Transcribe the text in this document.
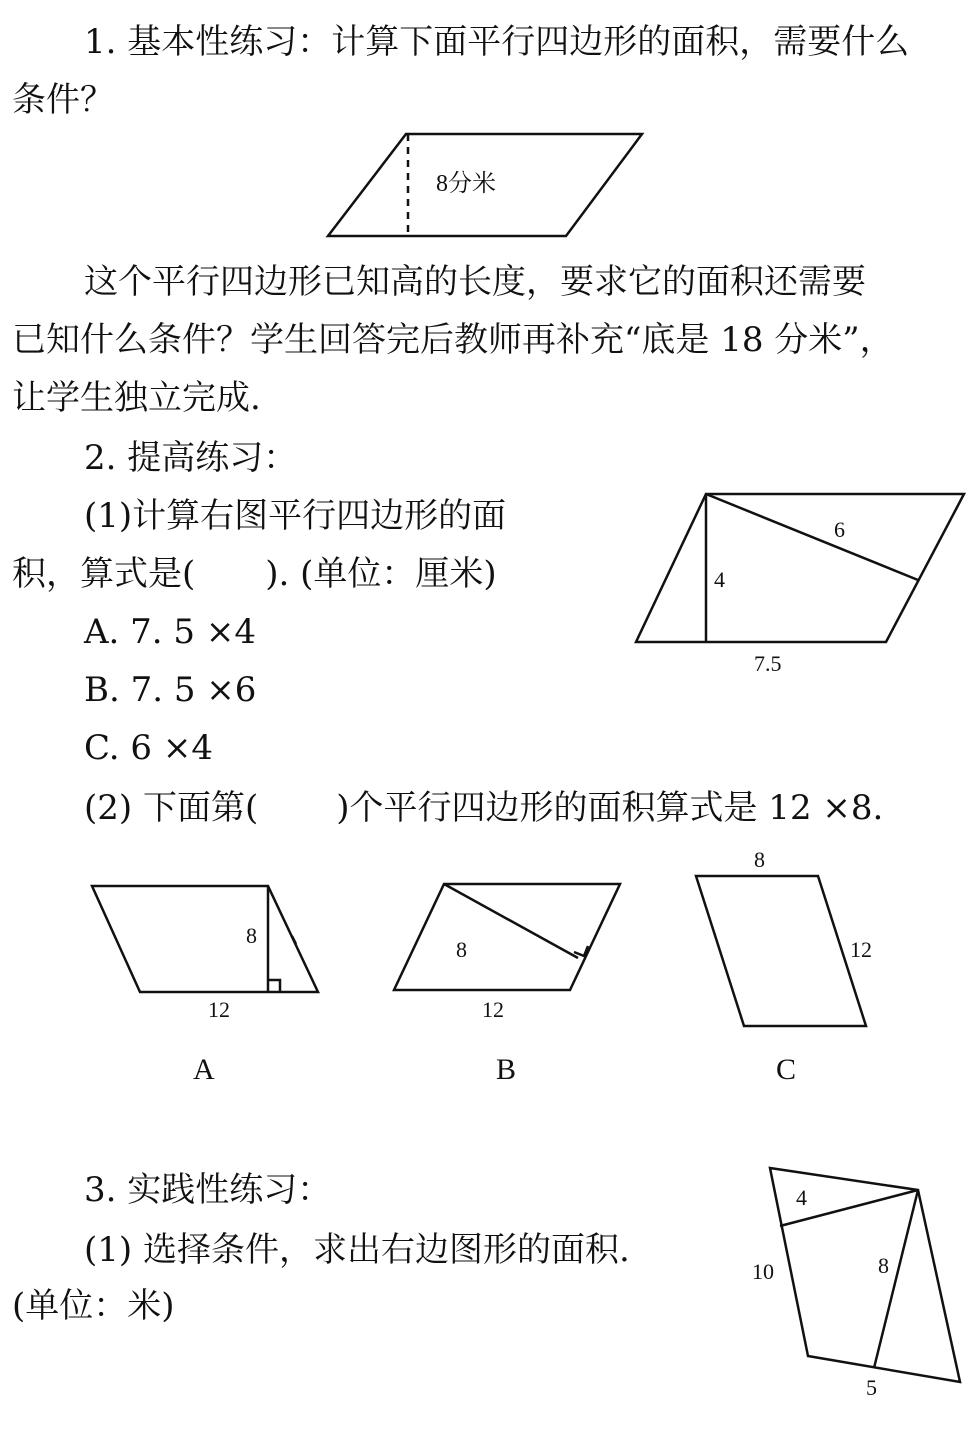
1. 基本性练习：计算下面平行四边形的面积，需要什么
条件？
8分米
这个平行四边形已知高的长度，要求它的面积还需要
已知什么条件？学生回答完后教师再补充“底是 18 分米”，
让学生独立完成.
2. 提高练习：
(1)计算右图平行四边形的面
积，算式是( ). (单位：厘米)
A. 7. 5 ×4
B. 7. 5 ×6
C. 6 ×4
4
6
7.5
(2) 下面第( )个平行四边形的面积算式是 12 ×8.
8
12
A
8
12
B
8
12
C
3. 实践性练习：
(1) 选择条件，求出右边图形的面积.
(单位：米)
4
10	8
5
